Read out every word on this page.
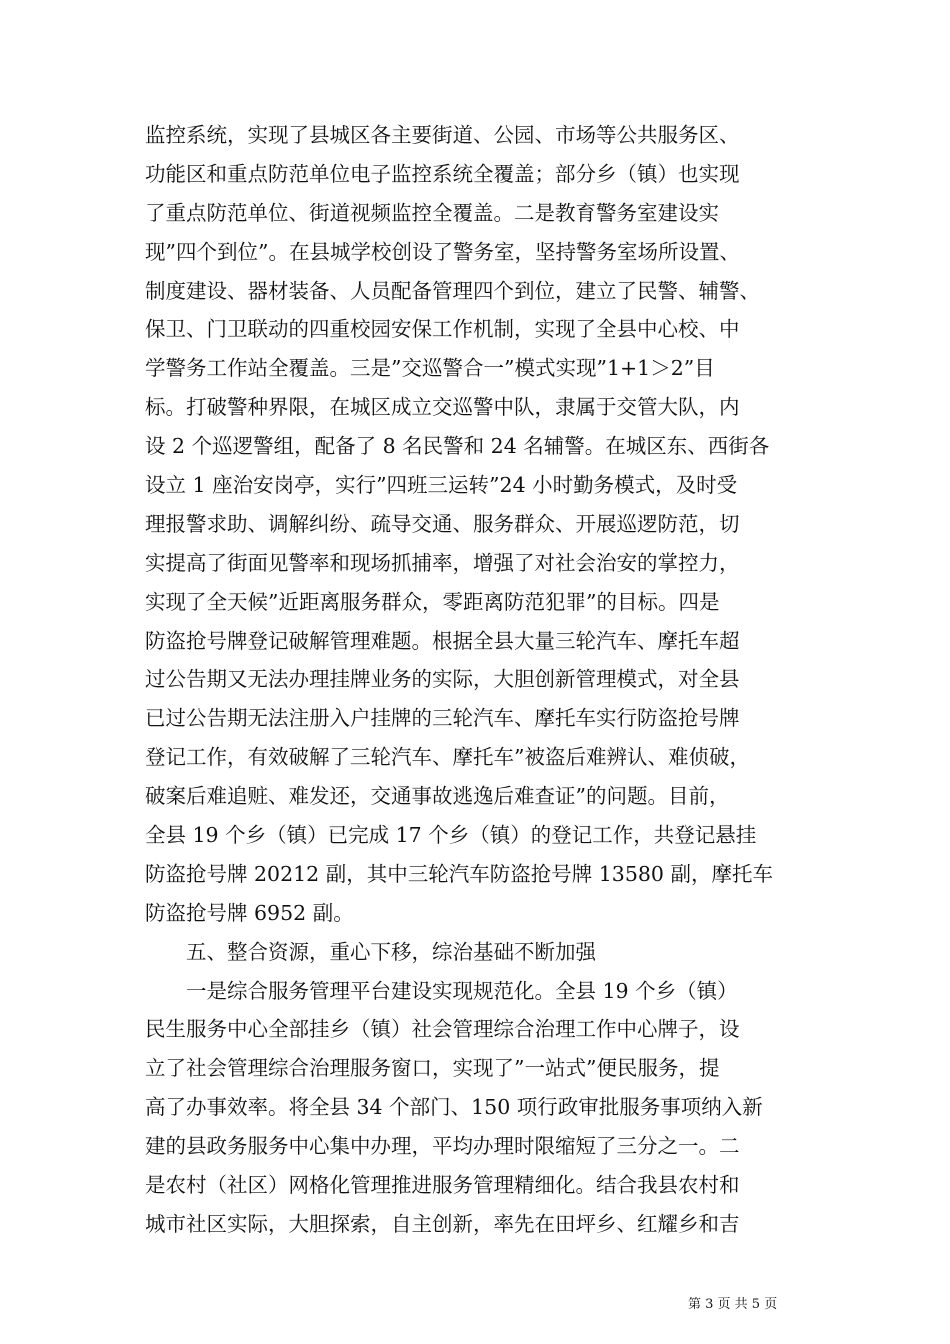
监控系统，实现了县城区各主要街道、公园、市场等公共服务区、
功能区和重点防范单位电子监控系统全覆盖；部分乡（镇）也实现
了重点防范单位、街道视频监控全覆盖。二是教育警务室建设实
现”四个到位”。在县城学校创设了警务室，坚持警务室场所设置、
制度建设、器材装备、人员配备管理四个到位，建立了民警、辅警、
保卫、门卫联动的四重校园安保工作机制，实现了全县中心校、中
学警务工作站全覆盖。三是”交巡警合一”模式实现”1+1＞2”目
标。打破警种界限，在城区成立交巡警中队，隶属于交管大队，内
设 2 个巡逻警组，配备了 8 名民警和 24 名辅警。在城区东、西街各
设立 1 座治安岗亭，实行”四班三运转”24 小时勤务模式，及时受
理报警求助、调解纠纷、疏导交通、服务群众、开展巡逻防范，切
实提高了街面见警率和现场抓捕率，增强了对社会治安的掌控力，
实现了全天候”近距离服务群众，零距离防范犯罪”的目标。四是
防盗抢号牌登记破解管理难题。根据全县大量三轮汽车、摩托车超
过公告期又无法办理挂牌业务的实际，大胆创新管理模式，对全县
已过公告期无法注册入户挂牌的三轮汽车、摩托车实行防盗抢号牌
登记工作，有效破解了三轮汽车、摩托车”被盗后难辨认、难侦破，
破案后难追赃、难发还，交通事故逃逸后难查证”的问题。目前，
全县 19 个乡（镇）已完成 17 个乡（镇）的登记工作，共登记悬挂
防盗抢号牌 20212 副，其中三轮汽车防盗抢号牌 13580 副，摩托车
防盗抢号牌 6952 副。
五、整合资源，重心下移，综治基础不断加强
一是综合服务管理平台建设实现规范化。全县 19 个乡（镇）
民生服务中心全部挂乡（镇）社会管理综合治理工作中心牌子，设
立了社会管理综合治理服务窗口，实现了”一站式”便民服务，提
高了办事效率。将全县 34 个部门、150 项行政审批服务事项纳入新
建的县政务服务中心集中办理，平均办理时限缩短了三分之一。二
是农村（社区）网格化管理推进服务管理精细化。结合我县农村和
城市社区实际，大胆探索，自主创新，率先在田坪乡、红耀乡和吉
第 3 页 共 5 页
